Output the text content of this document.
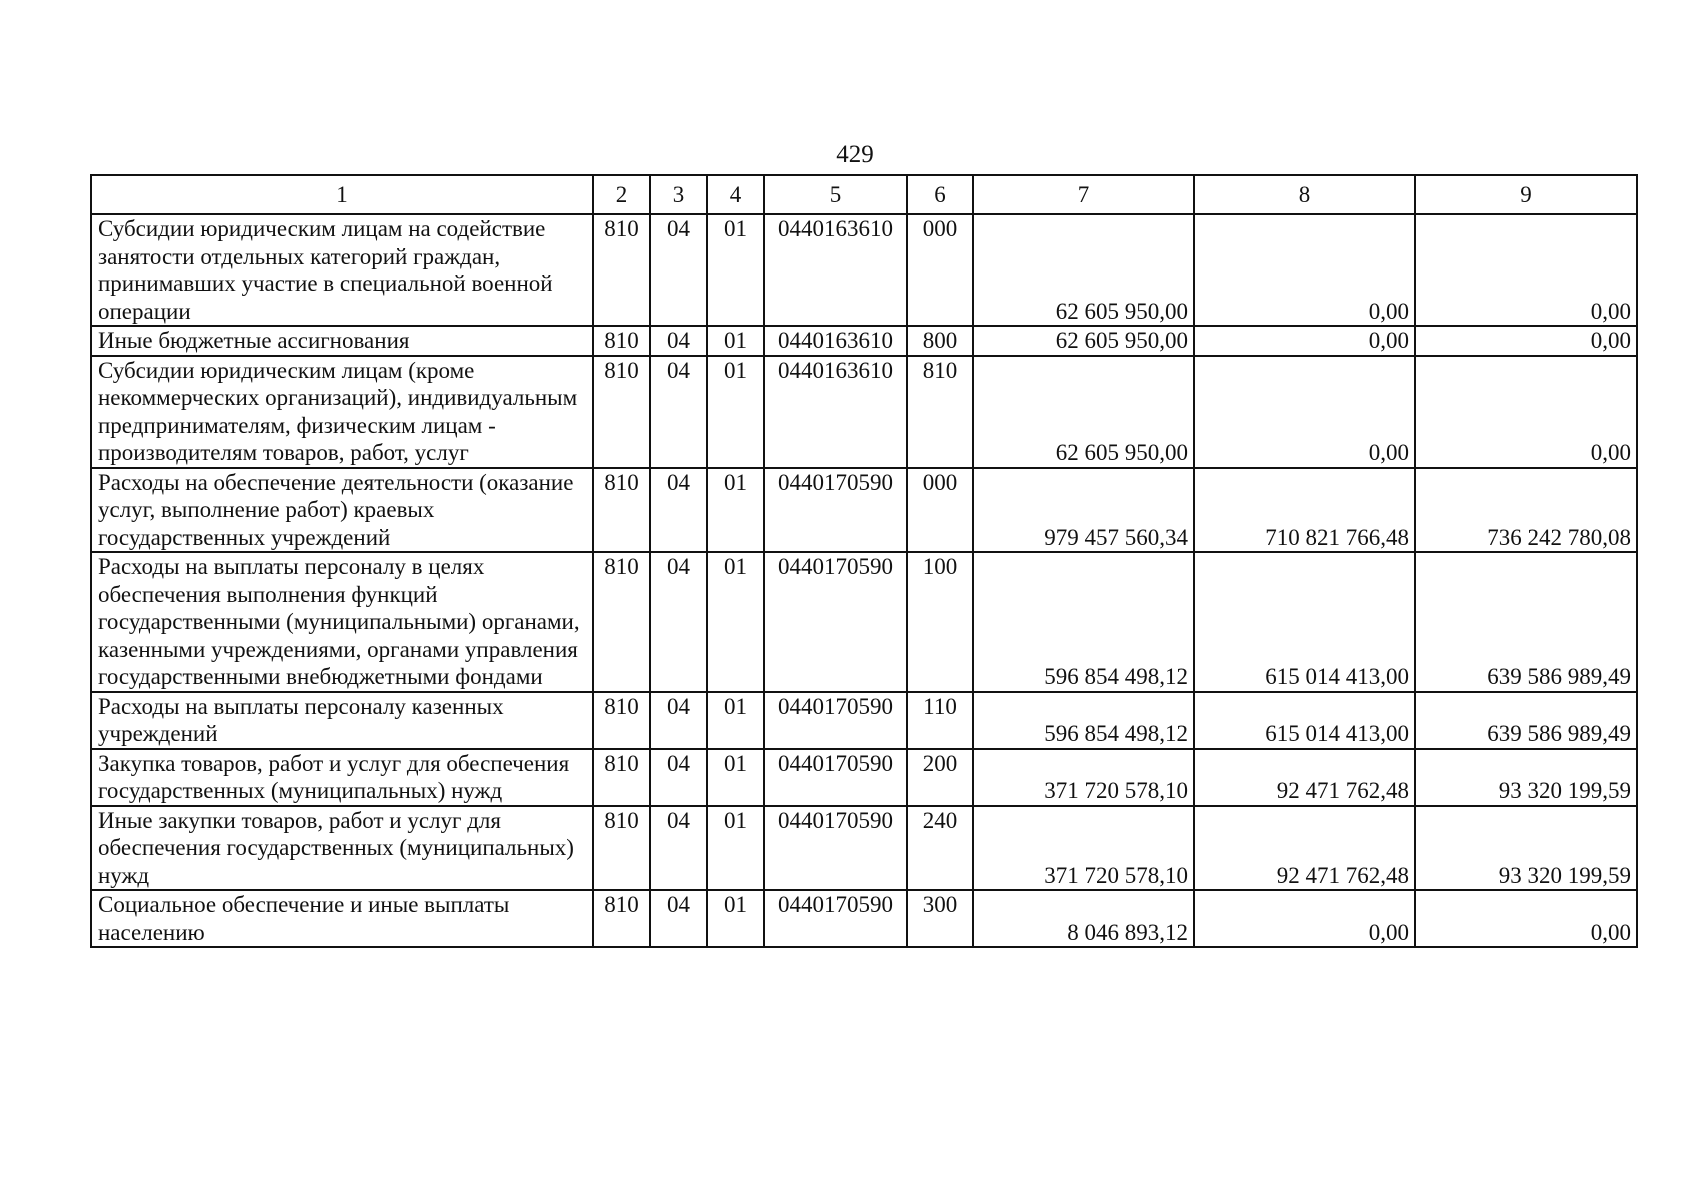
429
1	2	3	4	5	6	7	8	9
Субсидии юридическим лицам на содействие занятости отдельных категорий граждан, принимавших участие в специальной военной операции	810	04	01	0440163610	000	62 605 950,00	0,00	0,00
Иные бюджетные ассигнования	810	04	01	0440163610	800	62 605 950,00	0,00	0,00
Субсидии юридическим лицам (кроме некоммерческих организаций), индивидуальным предпринимателям, физическим лицам - производителям товаров, работ, услуг	810	04	01	0440163610	810	62 605 950,00	0,00	0,00
Расходы на обеспечение деятельности (оказание услуг, выполнение работ) краевых государственных учреждений	810	04	01	0440170590	000	979 457 560,34	710 821 766,48	736 242 780,08
Расходы на выплаты персоналу в целях обеспечения выполнения функций государственными (муниципальными) органами, казенными учреждениями, органами управления государственными внебюджетными фондами	810	04	01	0440170590	100	596 854 498,12	615 014 413,00	639 586 989,49
Расходы на выплаты персоналу казенных учреждений	810	04	01	0440170590	110	596 854 498,12	615 014 413,00	639 586 989,49
Закупка товаров, работ и услуг для обеспечения государственных (муниципальных) нужд	810	04	01	0440170590	200	371 720 578,10	92 471 762,48	93 320 199,59
Иные закупки товаров, работ и услуг для обеспечения государственных (муниципальных) нужд	810	04	01	0440170590	240	371 720 578,10	92 471 762,48	93 320 199,59
Социальное обеспечение и иные выплаты населению	810	04	01	0440170590	300	8 046 893,12	0,00	0,00
